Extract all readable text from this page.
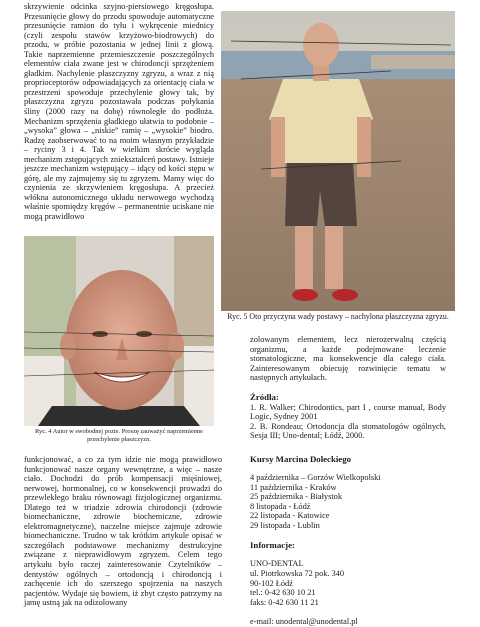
skrzywienie odcinka szyjno-piersiowego kręgosłupa. Przesunięcie głowy do przodu spowoduje automatyczne przesunięcie ramion do tyłu i wykręcenie miednicy (czyli zespołu stawów krzyżowo-biodrowych) do przodu, w próbie pozostania w jednej linii z głową. Takie naprzemienne przemieszczenie poszczególnych elementów ciała zwane jest w chirodoncji sprzężeniem gładkim. Nachylenie płaszczyzny zgryzu, a wraz z nią proprioceptorów odpowiadających za orientację ciała w przestrzeni spowoduje przechylenie głowy tak, by płaszczyzna zgryzu pozostawała podczas połykania śliny (2000 razy na dobę) równoległe do podłoża. Mechanizm sprzężenia gładkiego ułatwia to podobnie – „wysoka” głowa – „niskie” ramię – „wysokie” biodro. Radzę zaobserwować to na moim własnym przykładzie – ryciny 3 i 4. Tak w wielkim skrócie wygląda mechanizm zstępujących zniekształceń postawy. Istnieje jeszcze mechanizm wstępujący – idący od kości stępu w górę, ale my zajmujemy się tu zgryzem. Mamy więc do czynienia ze skrzywieniem kręgosłupa. A przecież włókna autonomicznego układu nerwowego wychodzą właśnie spomiędzy kręgów – permanentnie uciskane nie mogą prawidłowo

Ryc. 5 Oto przyczyna wady postawy – nachylona płaszczyzna zgryzu.
Ryc. 4 Autor w swobodnej pozie. Proszę zauważyć naprzemienne przechylenie płaszczyzn.

zolowanym elementem, lecz nierozerwalną częścią organizmu, a każde podejmowane leczenie stomatologiczne, ma konsekwencje dla całego ciała. Zainteresowanym obiecuję rozwinięcie tematu w następnych artykułach.

Źródła:

1. R. Walker; Chirodontics, part I , course manual, Body Logic, Sydney 2001

2. B. Rondeau; Ortodoncja dla stomatologów ogólnych, Sesja III; Uno-dental; Łódź, 2000.

Kursy Marcina Doleckiego

4 października – Gorzów Wielkopolski

11 października - Kraków

25 października - Białystok

8 listopada - Łódź

22 listopada - Katowice

29 listopada - Lublin

Informacje:

UNO-DENTAL

ul. Piotrkowska 72 pok. 340

90-102 Łódź

tel.: 0-42 630 10 21

faks: 0-42 630 11 21

e-mail: unodental@unodental.pl

funkcjonować, a co za tym idzie nie mogą prawidłowo funkcjonować nasze organy wewnętrzne, a więc – nasze ciało. Dochodzi do prób kompensacji mięśniowej, nerwowej, hormonalnej, co w konsekwencji prowadzi do przewlekłego braku równowagi fizjologicznej organizmu. Dlatego też w triadzie zdrowia chirodoncji (zdrowie biomechaniczne, zdrowie biochemiczne, zdrowie elektromagnetyczne), naczelne miejsce zajmuje zdrowie biomechaniczne. Trudno w tak krótkim artykule opisać w szczegółach podstawowe mechanizmy destrukcyjne związane z nieprawidłowym zgryzem. Celem tego artykułu było raczej zainteresowanie Czytelników – dentystów ogólnych – ortodoncją i chirodoncją i zachęcenie ich do szerszego spojrzenia na naszych pacjentów. Wydaje się bowiem, iż zbyt często patrzymy na jamę ustną jak na odizolowany
